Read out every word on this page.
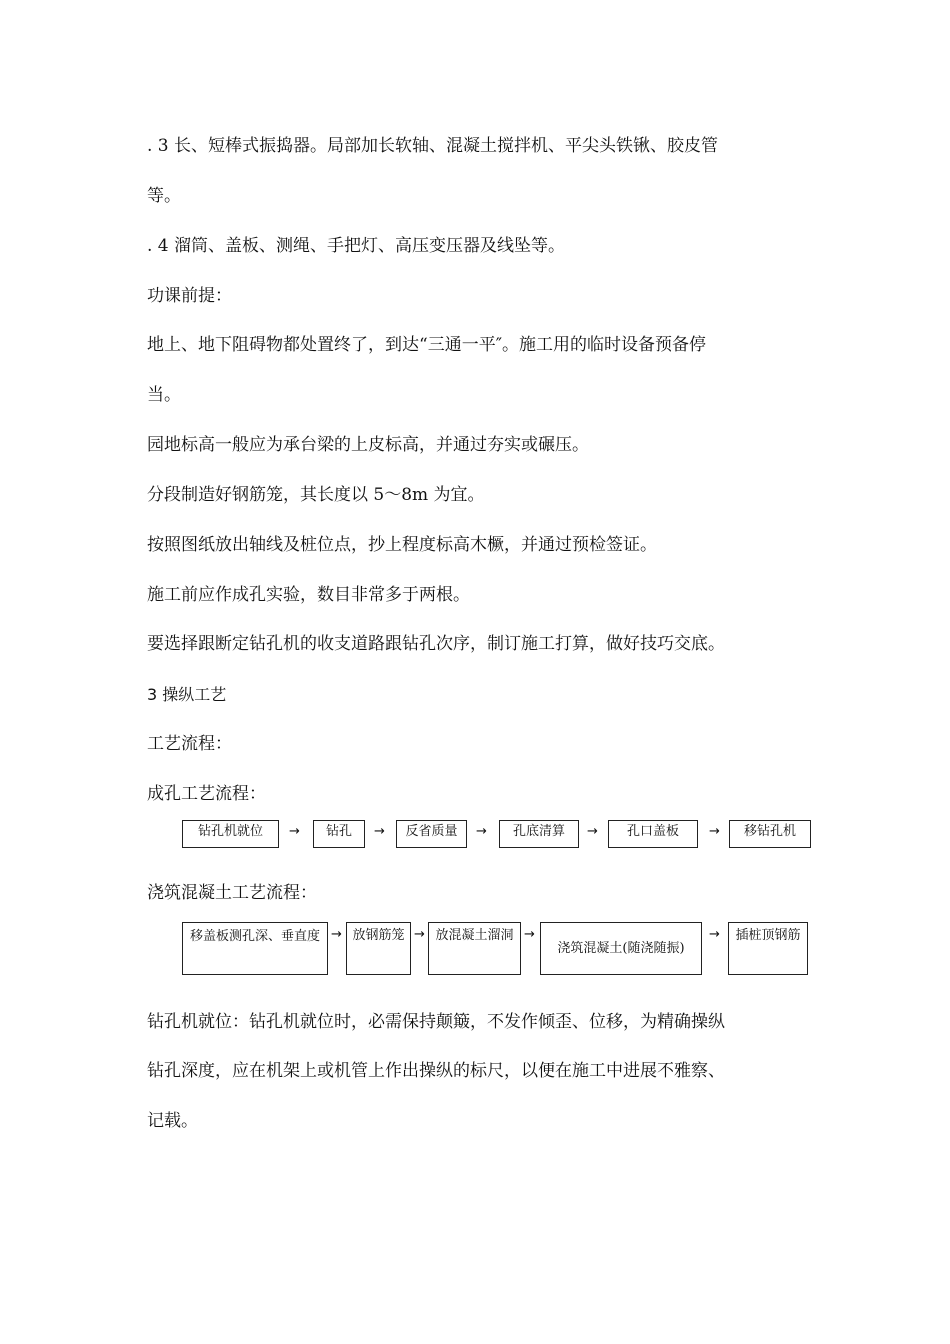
. 3 长、短棒式振捣器。局部加长软轴、混凝土搅拌机、平尖头铁锹、胶皮管

等。

. 4 溜筒、盖板、测绳、手把灯、高压变压器及线坠等。

功课前提：

地上、地下阻碍物都处置终了，到达“三通一平″。施工用的临时设备预备停

当。

园地标高一般应为承台梁的上皮标高，并通过夯实或碾压。

分段制造好钢筋笼，其长度以 5～8m 为宜。

按照图纸放出轴线及桩位点，抄上程度标高木橛，并通过预检签证。

施工前应作成孔实验，数目非常多于两根。

要选择跟断定钻孔机的收支道路跟钻孔次序，制订施工打算，做好技巧交底。

3 操纵工艺

工艺流程：

成孔工艺流程：

钻孔机就位	→	钻孔	→	反省质量	→	孔底清算	→	孔口盖板	→	移钻孔机

浇筑混凝土工艺流程：

移盖板测孔深、垂直度 → 放钢筋笼 → 放混凝土溜洞 →
浇筑混凝土(随浇随振)
→	插桩顶钢筋

钻孔机就位：钻孔机就位时，必需保持颠簸，不发作倾歪、位移，为精确操纵

钻孔深度，应在机架上或机管上作出操纵的标尺，以便在施工中进展不雅察、

记载。
